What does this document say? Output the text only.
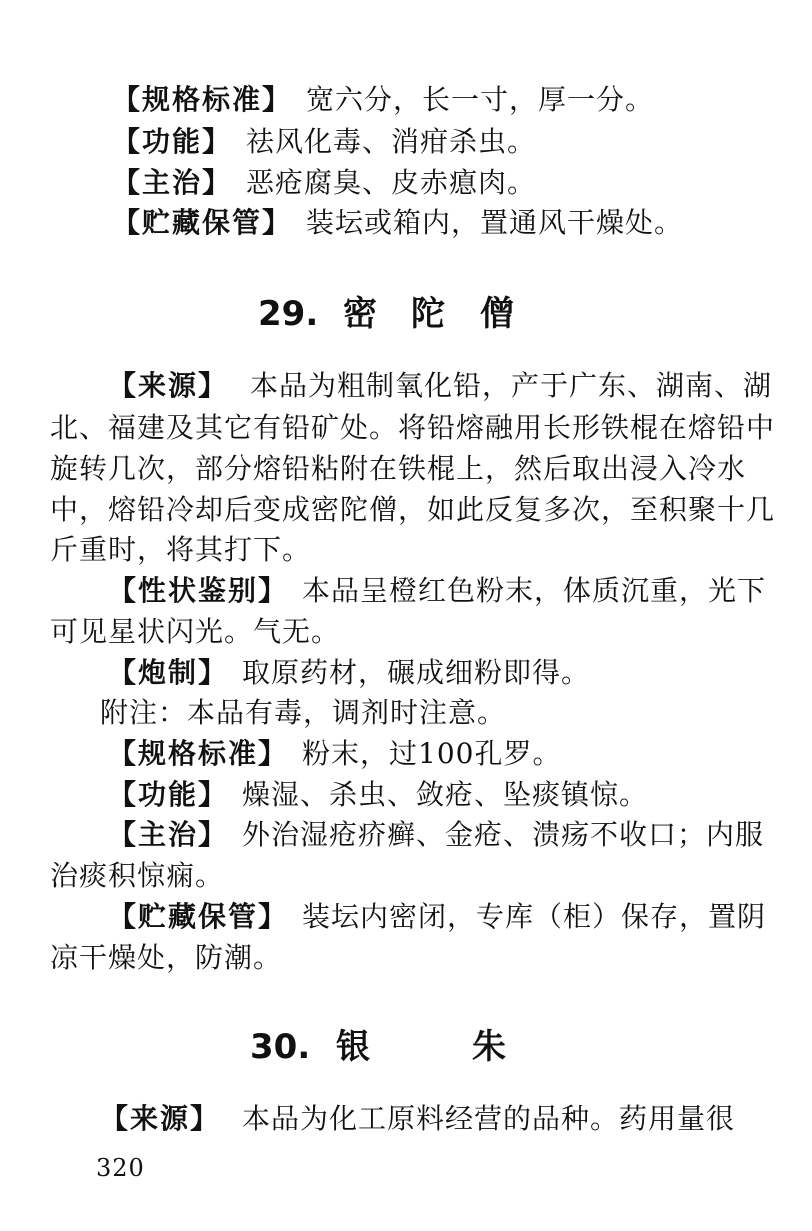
【规格标准】 宽六分，长一寸，厚一分。
【功能】 祛风化毒、消疳杀虫。
【主治】 恶疮腐臭、皮赤瘜肉。
【贮藏保管】 装坛或箱内，置通风干燥处。
29. 密 陀 僧
【来源】 本品为粗制氧化铅，产于广东、湖南、湖
北、福建及其它有铅矿处。将铅熔融用长形铁棍在熔铅中
旋转几次，部分熔铅粘附在铁棍上，然后取出浸入冷水
中，熔铅冷却后变成密陀僧，如此反复多次，至积聚十几
斤重时，将其打下。
【性状鉴别】 本品呈橙红色粉末，体质沉重，光下
可见星状闪光。气无。
【炮制】 取原药材，碾成细粉即得。
附注：本品有毒，调剂时注意。
【规格标准】 粉末，过100孔罗。
【功能】 燥湿、杀虫、敛疮、坠痰镇惊。
【主治】 外治湿疮疥癣、金疮、溃疡不收口；内服
治痰积惊痫。
【贮藏保管】 装坛内密闭，专库（柜）保存，置阴
凉干燥处，防潮。
30. 银	朱
【来源】 本品为化工原料经营的品种。药用量很
320
